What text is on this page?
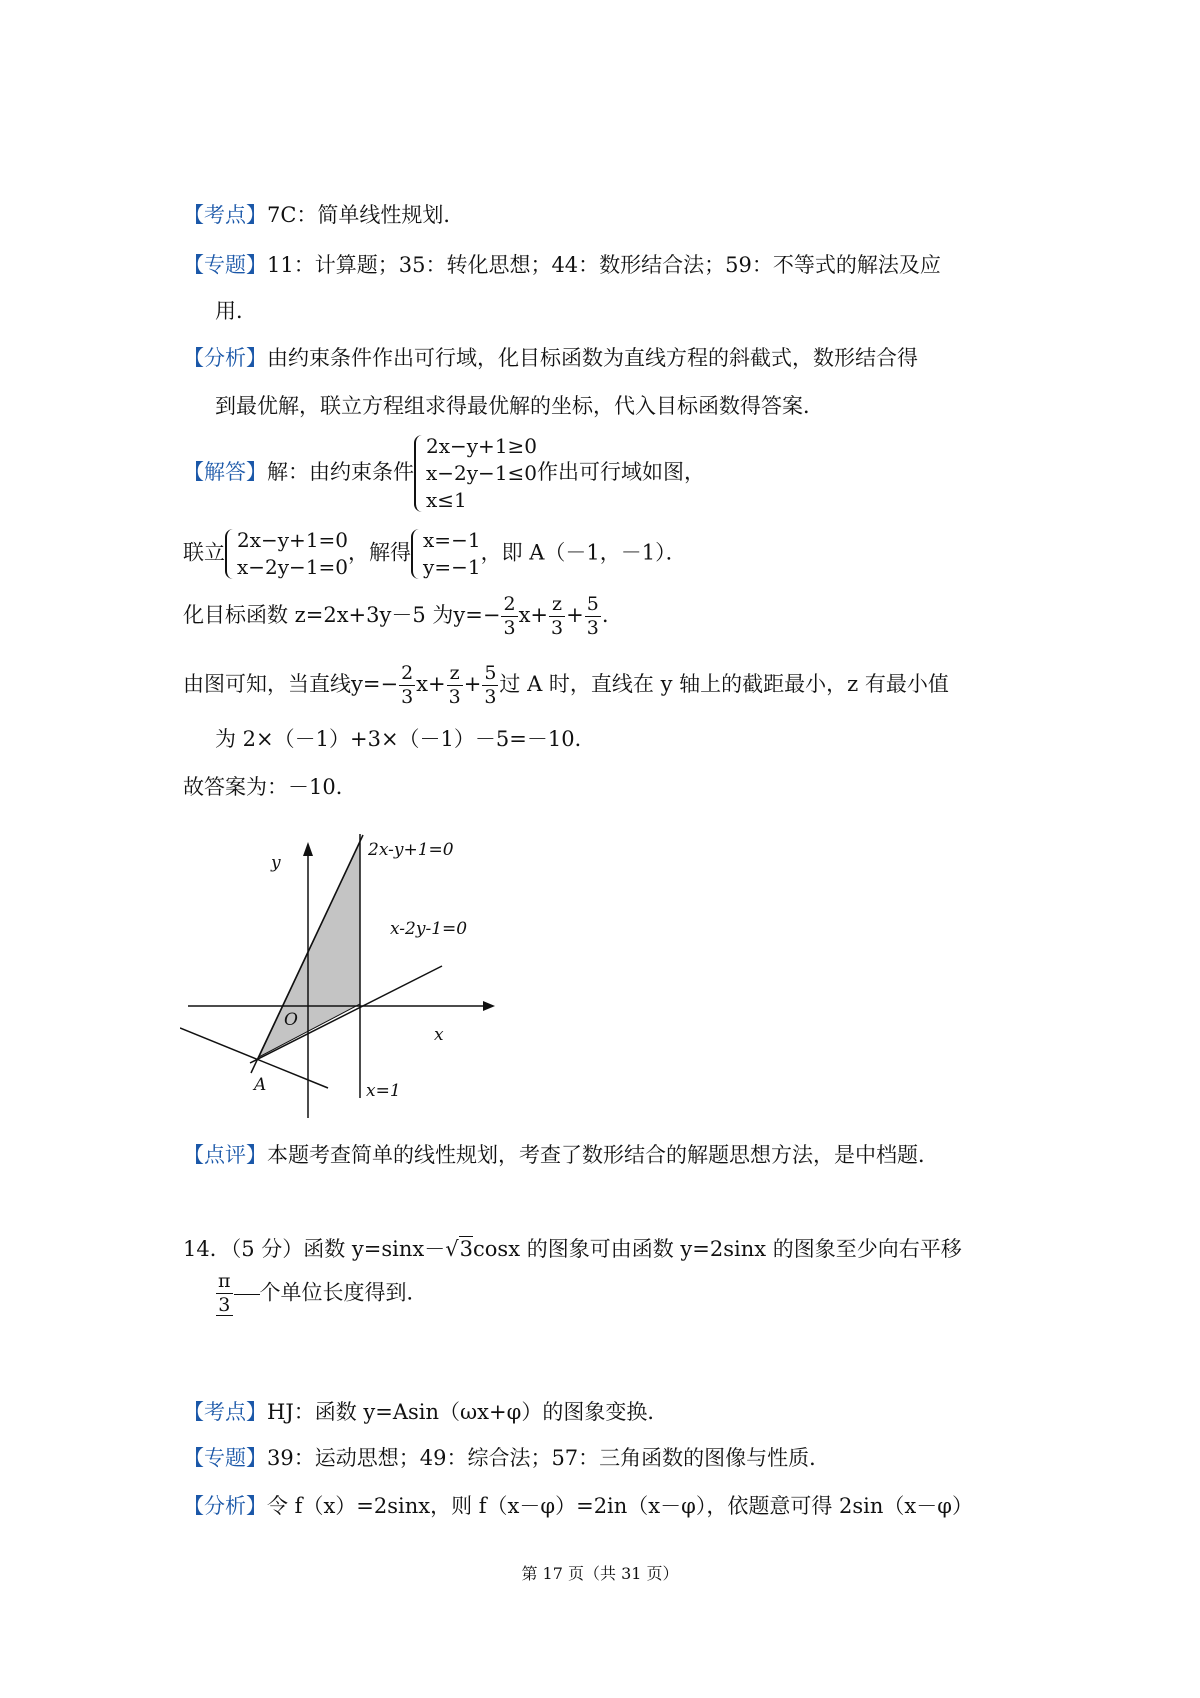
【考点】7C：简单线性规划．
【专题】11：计算题；35：转化思想；44：数形结合法；59：不等式的解法及应
用．
【分析】由约束条件作出可行域，化目标函数为直线方程的斜截式，数形结合得
到最优解，联立方程组求得最优解的坐标，代入目标函数得答案．
【解答】解：由约束条件
2x−y+1≥0
x−2y−1≤0
x≤1
作出可行域如图，
联立
2x−y+1=0
x−2y−1=0
，解得
x=−1
y=−1
，即 A（－1，－1）．
化目标函数 z=2x+3y－5 为$y=- \frac{2}{3} x+ \frac{z}{3} + \frac{5}{3}$ .
由图可知，当直线$y=- \frac{2}{3} x+ \frac{z}{3} + \frac{5}{3}$ 过 A 时，直线在 y 轴上的截距最小，z 有最小值
为 2×（－1）+3×（－1）－5=－10．
故答案为：－10．
y
x
O
A
2x-y+1=0
x-2y-1=0
x=1
【点评】本题考查简单的线性规划，考查了数形结合的解题思想方法，是中档题．
14．（5 分）函数 y=sinx－√3cosx 的图象可由函数 y=2sinx 的图象至少向右平移
$\frac{\pi}{3}$ 个单位长度得到．
【考点】HJ：函数 y=Asin（ωx+φ）的图象变换．
【专题】39：运动思想；49：综合法；57：三角函数的图像与性质．
【分析】令 f（x）=2sinx，则 f（x－φ）=2in（x－φ），依题意可得 2sin（x－φ）
第 17 页（共 31 页）
